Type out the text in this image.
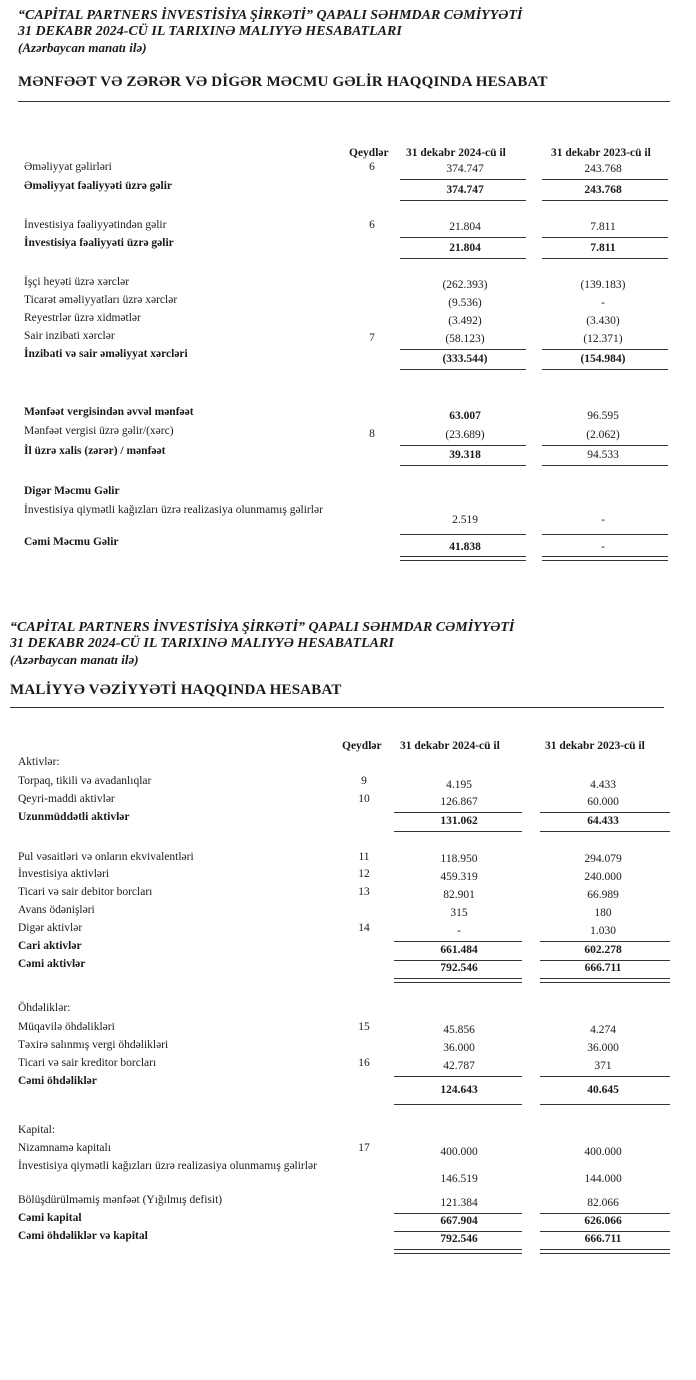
“CAPİTAL PARTNERS İNVESTİSİYA ŞİRKƏTİ” QAPALI SƏHMDAR CƏMİYYƏTİ
31 DEKABR 2024-CÜ IL TARIXINƏ MALIYYƏ HESABATLARI
(Azərbaycan manatı ilə)
MƏNFƏƏT VƏ ZƏRƏR VƏ DİGƏR MƏCMU GƏLİR HAQQINDA HESABAT
Qeydlər 31 dekabr 2024-cü il	31 dekabr 2023-cü il
Əməliyyat gəlirləri	6	374.747	243.768
Əməliyyat fəaliyyəti üzrə gəlir	374.747	243.768
İnvestisiya fəaliyyətindən gəlir	6	21.804	7.811
İnvestisiya fəaliyyəti üzrə gəlir	21.804	7.811
İşçi heyəti üzrə xərclər	(262.393)	(139.183)
Ticarət əməliyyatları üzrə xərclər	(9.536)	-
Reyestrlər üzrə xidmətlər	(3.492)	(3.430)
Sair inzibati xərclər	7	(58.123)	(12.371)
İnzibati və sair əməliyyat xərcləri	(333.544)	(154.984)
Mənfəət vergisindən əvvəl mənfəət	63.007	96.595
Mənfəət vergisi üzrə gəlir/(xərc)	8	(23.689)	(2.062)
İl üzrə xalis (zərər) / mənfəət	39.318	94.533
Digər Məcmu Gəlir
İnvestisiya qiymətli kağızları üzrə realizasiya olunmamış gəlirlər
2.519	-
Cəmi Məcmu Gəlir	41.838	-
“CAPİTAL PARTNERS İNVESTİSİYA ŞİRKƏTİ” QAPALI SƏHMDAR CƏMİYYƏTİ
31 DEKABR 2024-CÜ IL TARIXINƏ MALIYYƏ HESABATLARI
(Azərbaycan manatı ilə)
MALİYYƏ VƏZİYYƏTİ HAQQINDA HESABAT
Qeydlər 31 dekabr 2024-cü il	31 dekabr 2023-cü il
Aktivlər:
Torpaq, tikili və avadanlıqlar	9	4.195	4.433
Qeyri-maddi aktivlər	10	126.867	60.000
Uzunmüddətli aktivlər	131.062	64.433
Pul vəsaitləri və onların ekvivalentləri	11	118.950	294.079
İnvestisiya aktivləri	12	459.319	240.000
Ticari və sair debitor borcları	13	82.901	66.989
Avans ödənişləri	315	180
Digər aktivlər	14	-	1.030
Cari aktivlər	661.484	602.278
Cəmi aktivlər	792.546	666.711
Öhdəliklər:
Müqavilə öhdəlikləri	15	45.856	4.274
Təxirə salınmış vergi öhdəlikləri	36.000	36.000
Ticari və sair kreditor borcları	16	42.787	371
Cəmi öhdəliklər
124.643	40.645
Kapital:
Nizamnamə kapitalı	17	400.000	400.000
İnvestisiya qiymətli kağızları üzrə realizasiya olunmamış gəlirlər
146.519	144.000
Bölüşdürülməmiş mənfəət (Yığılmış defisit)	121.384	82.066
Cəmi kapital	667.904	626.066
Cəmi öhdəliklər və kapital	792.546	666.711
